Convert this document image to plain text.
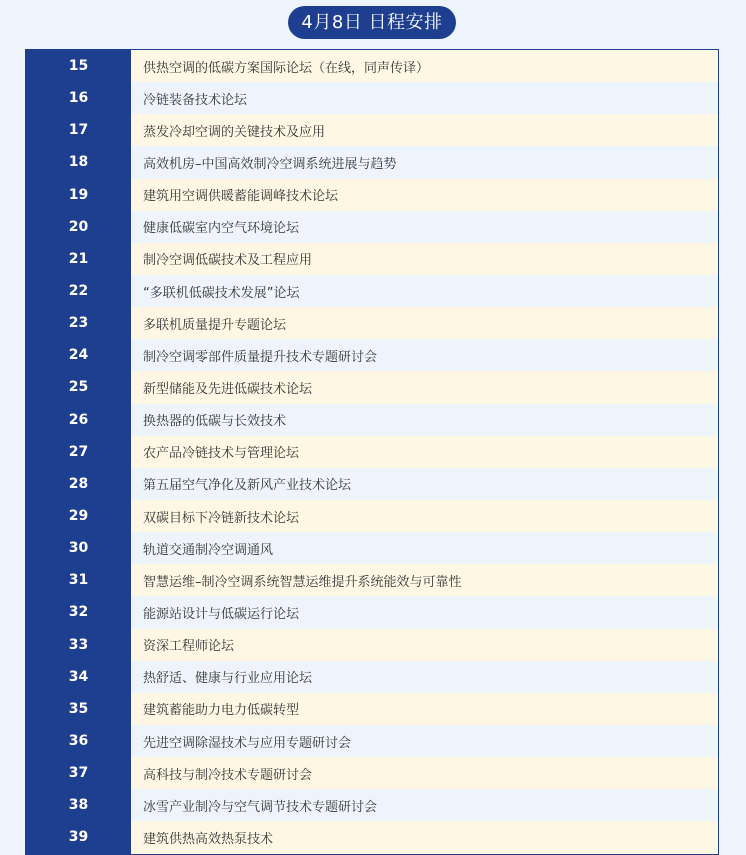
4月8日 日程安排
15	供热空调的低碳方案国际论坛（在线，同声传译）
16	冷链装备技术论坛
17	蒸发冷却空调的关键技术及应用
18	高效机房–中国高效制冷空调系统进展与趋势
19	建筑用空调供暖蓄能调峰技术论坛
20	健康低碳室内空气环境论坛
21	制冷空调低碳技术及工程应用
22	“多联机低碳技术发展”论坛
23	多联机质量提升专题论坛
24	制冷空调零部件质量提升技术专题研讨会
25	新型储能及先进低碳技术论坛
26	换热器的低碳与长效技术
27	农产品冷链技术与管理论坛
28	第五届空气净化及新风产业技术论坛
29	双碳目标下冷链新技术论坛
30	轨道交通制冷空调通风
31	智慧运维–制冷空调系统智慧运维提升系统能效与可靠性
32	能源站设计与低碳运行论坛
33	资深工程师论坛
34	热舒适、健康与行业应用论坛
35	建筑蓄能助力电力低碳转型
36	先进空调除湿技术与应用专题研讨会
37	高科技与制冷技术专题研讨会
38	冰雪产业制冷与空气调节技术专题研讨会
39	建筑供热高效热泵技术
